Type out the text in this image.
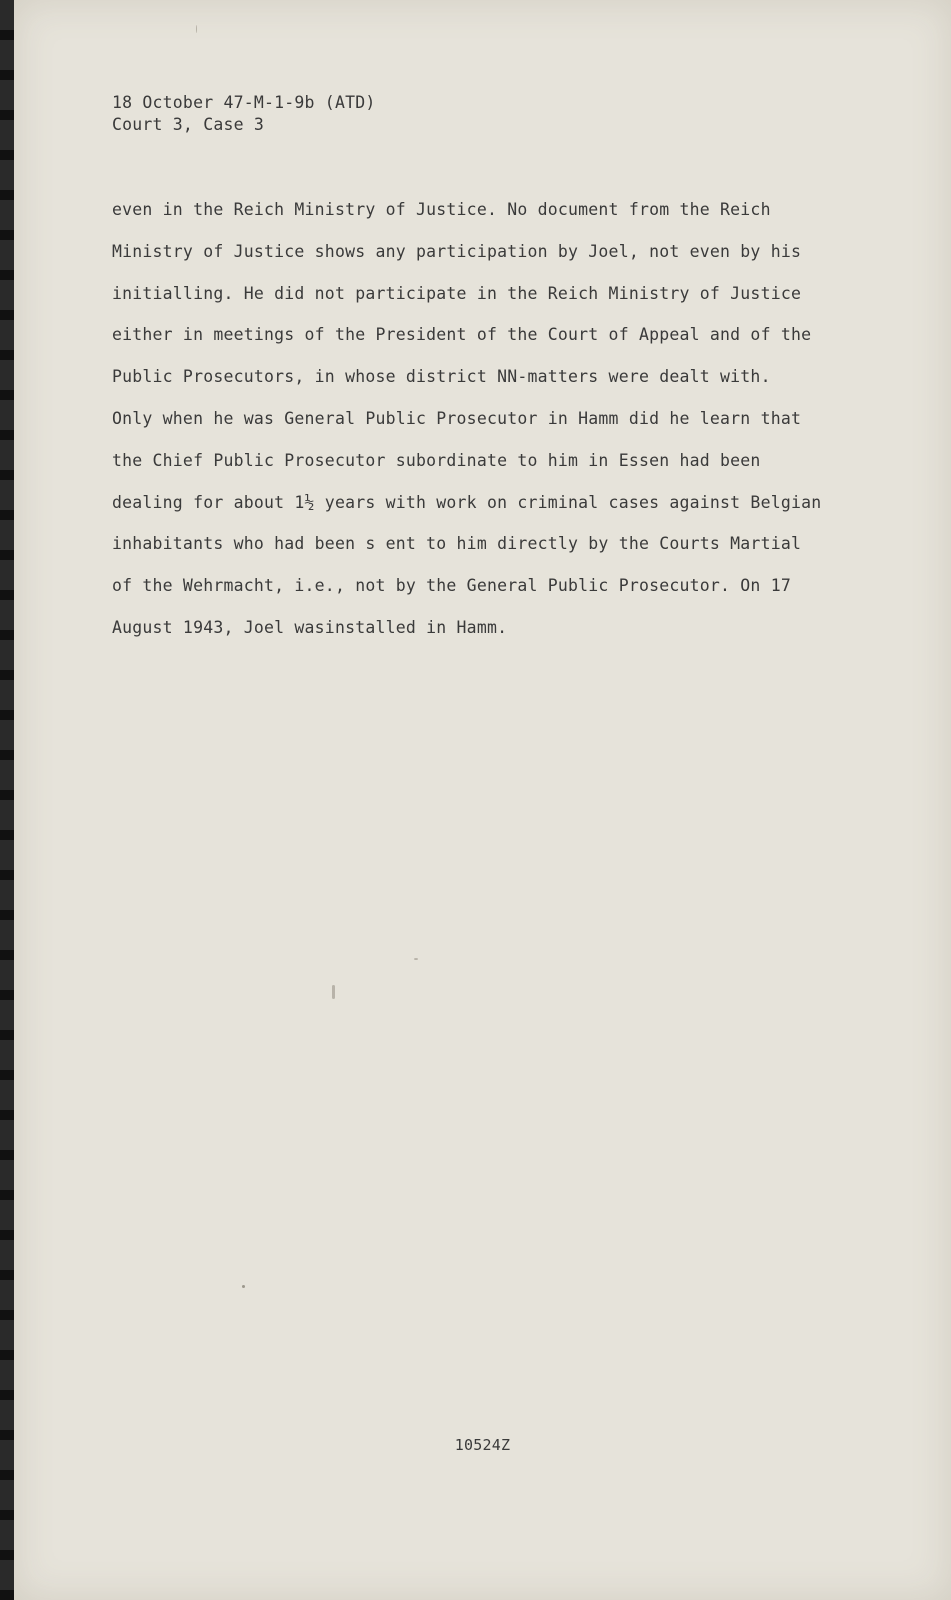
18 October 47-M-1-9b (ATD)
Court 3, Case 3
even in the Reich Ministry of Justice. No document from the Reich
Ministry of Justice shows any participation by Joel, not even by his
initialling. He did not participate in the Reich Ministry of Justice
either in meetings of the President of the Court of Appeal and of the
Public Prosecutors, in whose district NN-matters were dealt with.
Only when he was General Public Prosecutor in Hamm did he learn that
the Chief Public Prosecutor subordinate to him in Essen had been
dealing for about 1½ years with work on criminal cases against Belgian
inhabitants who had been s ent to him directly by the Courts Martial
of the Wehrmacht, i.e., not by the General Public Prosecutor. On 17
August 1943, Joel wasinstalled in Hamm.
10524Z
